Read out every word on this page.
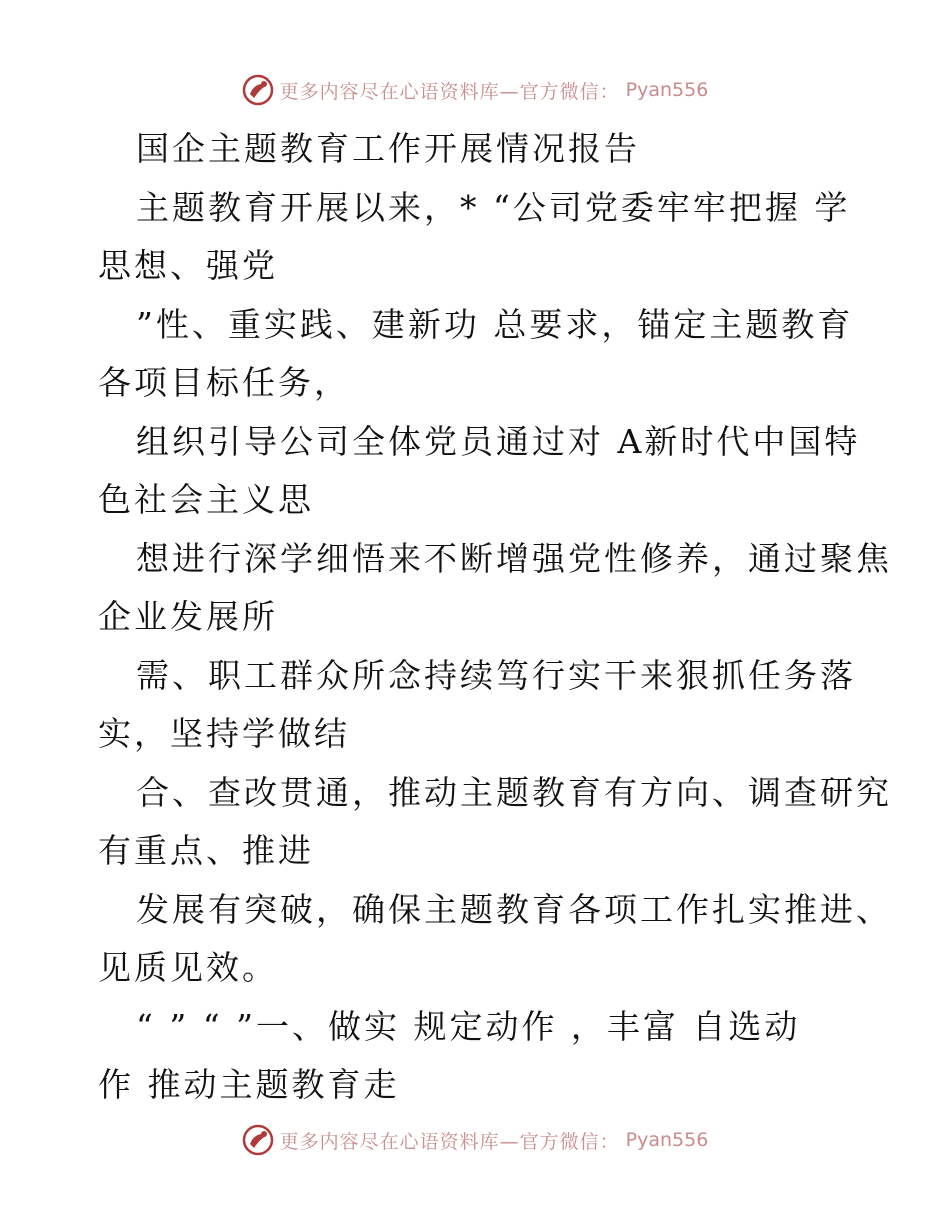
更多内容尽在心语资料库—官方微信： Pyan556
国企主题教育工作开展情况报告
主题教育开展以来，* “公司党委牢牢把握 学
思想、强党
”性、重实践、建新功 总要求，锚定主题教育
各项目标任务，
组织引导公司全体党员通过对 A新时代中国特
色社会主义思
想进行深学细悟来不断增强党性修养，通过聚焦
企业发展所
需、职工群众所念持续笃行实干来狠抓任务落
实，坚持学做结
合、查改贯通，推动主题教育有方向、调查研究
有重点、推进
发展有突破，确保主题教育各项工作扎实推进、
见质见效。
“ ” “ ”一、做实 规定动作 ，丰富 自选动
作 推动主题教育走
更多内容尽在心语资料库—官方微信： Pyan556
